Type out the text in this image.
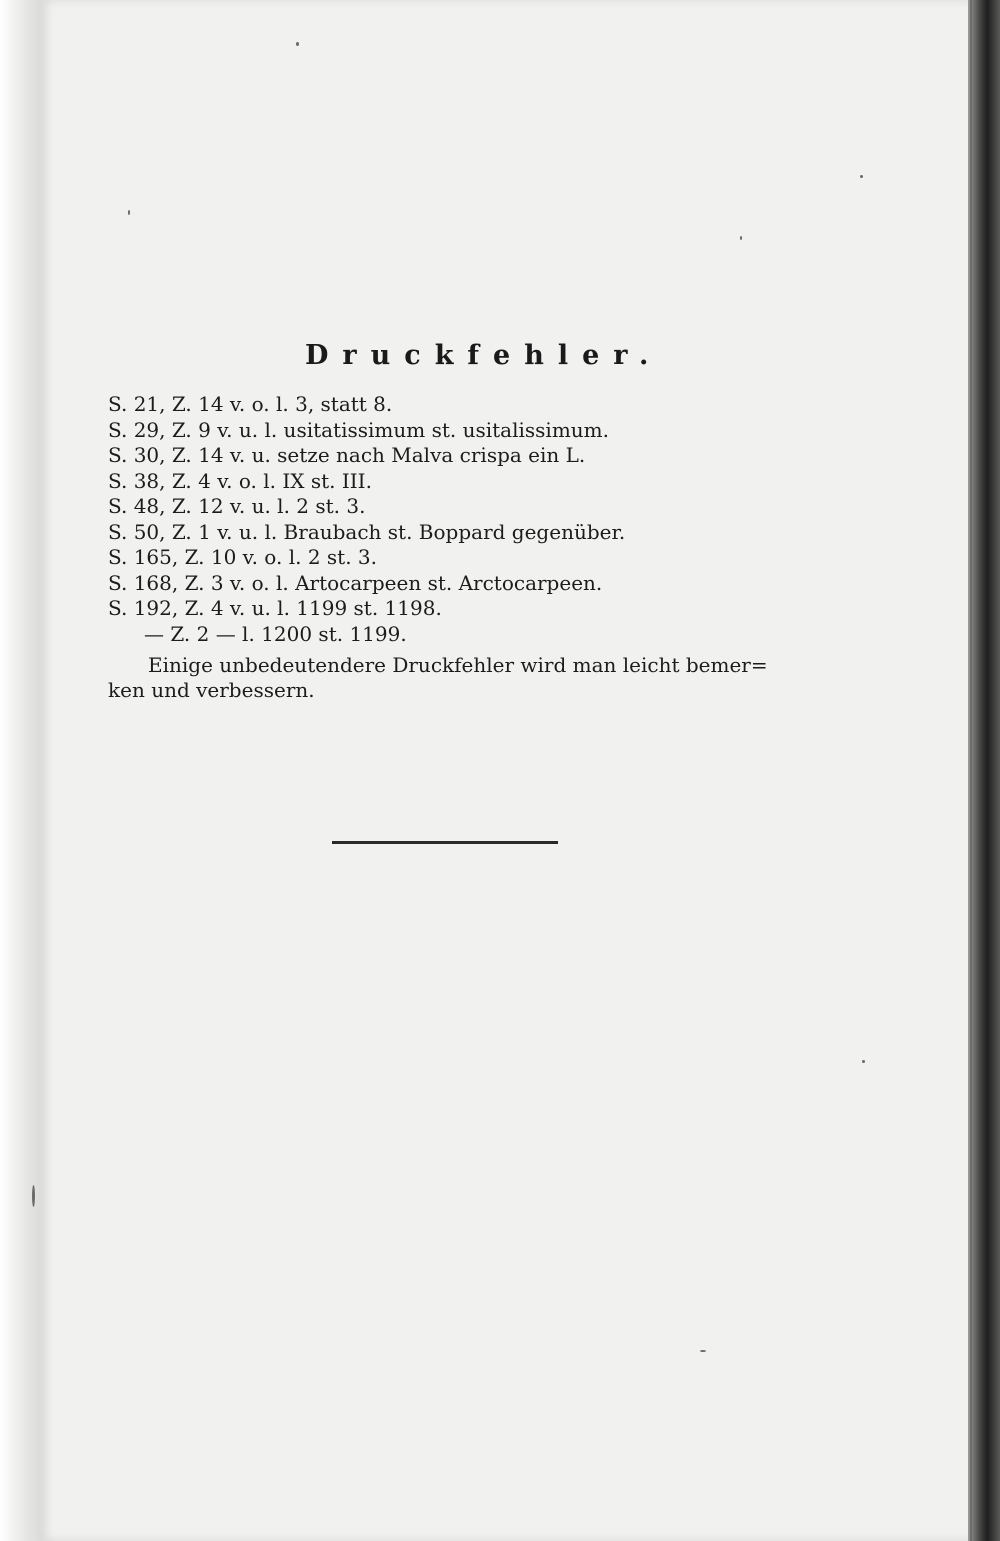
Druckfehler.
S. 21, Z. 14 v. o. l. 3, statt 8.
S. 29, Z. 9 v. u. l. usitatissimum st. usitalissimum.
S. 30, Z. 14 v. u. setze nach Malva crispa ein L.
S. 38, Z. 4 v. o. l. IX st. III.
S. 48, Z. 12 v. u. l. 2 st. 3.
S. 50, Z. 1 v. u. l. Braubach st. Boppard gegenüber.
S. 165, Z. 10 v. o. l. 2 st. 3.
S. 168, Z. 3 v. o. l. Artocarpeen st. Arctocarpeen.
S. 192, Z. 4 v. u. l. 1199 st. 1198.
— Z. 2 — l. 1200 st. 1199.
Einige unbedeutendere Druckfehler wird man leicht bemer=
ken und verbessern.
